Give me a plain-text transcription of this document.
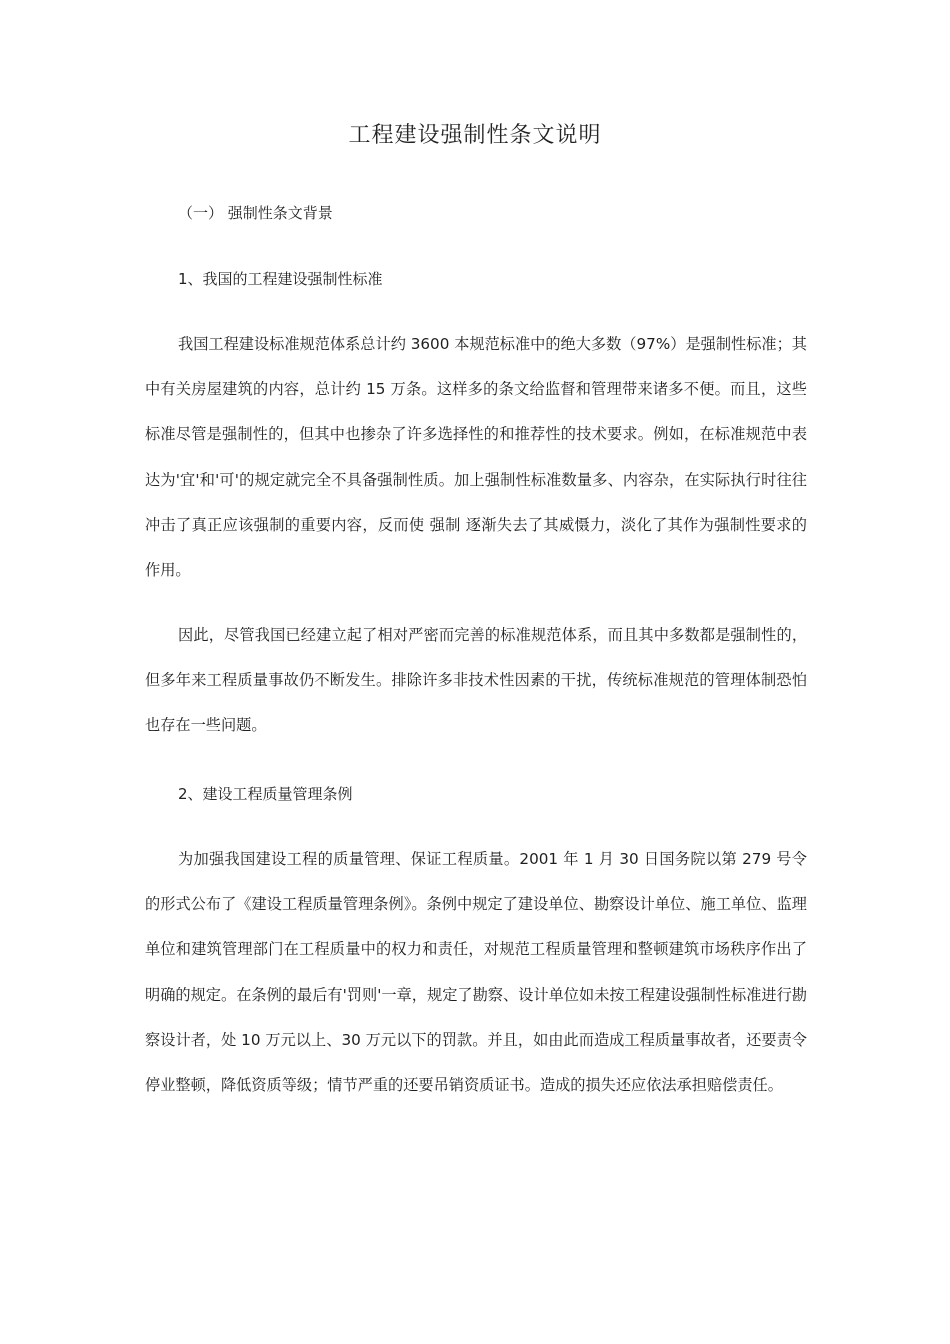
工程建设强制性条文说明
（一） 强制性条文背景
1、我国的工程建设强制性标准

我国工程建设标准规范体系总计约 3600 本规范标准中的绝大多数（97%）是强制性标准；其中有关房屋建筑的内容，总计约 15 万条。这样多的条文给监督和管理带来诸多不便。而且，这些标准尽管是强制性的，但其中也掺杂了许多选择性的和推荐性的技术要求。例如，在标准规范中表达为'宜'和'可'的规定就完全不具备强制性质。加上强制性标准数量多、内容杂，在实际执行时往往冲击了真正应该强制的重要内容，反而使 强制 逐渐失去了其威慑力，淡化了其作为强制性要求的作用。

因此，尽管我国已经建立起了相对严密而完善的标准规范体系，而且其中多数都是强制性的，但多年来工程质量事故仍不断发生。排除许多非技术性因素的干扰，传统标准规范的管理体制恐怕也存在一些问题。

2、建设工程质量管理条例

为加强我国建设工程的质量管理、保证工程质量。2001 年 1 月 30 日国务院以第 279 号令的形式公布了《建设工程质量管理条例》。条例中规定了建设单位、勘察设计单位、施工单位、监理单位和建筑管理部门在工程质量中的权力和责任，对规范工程质量管理和整顿建筑市场秩序作出了明确的规定。在条例的最后有'罚则'一章，规定了勘察、设计单位如未按工程建设强制性标准进行勘察设计者，处 10 万元以上、30 万元以下的罚款。并且，如由此而造成工程质量事故者，还要责令停业整顿，降低资质等级；情节严重的还要吊销资质证书。造成的损失还应依法承担赔偿责任。
